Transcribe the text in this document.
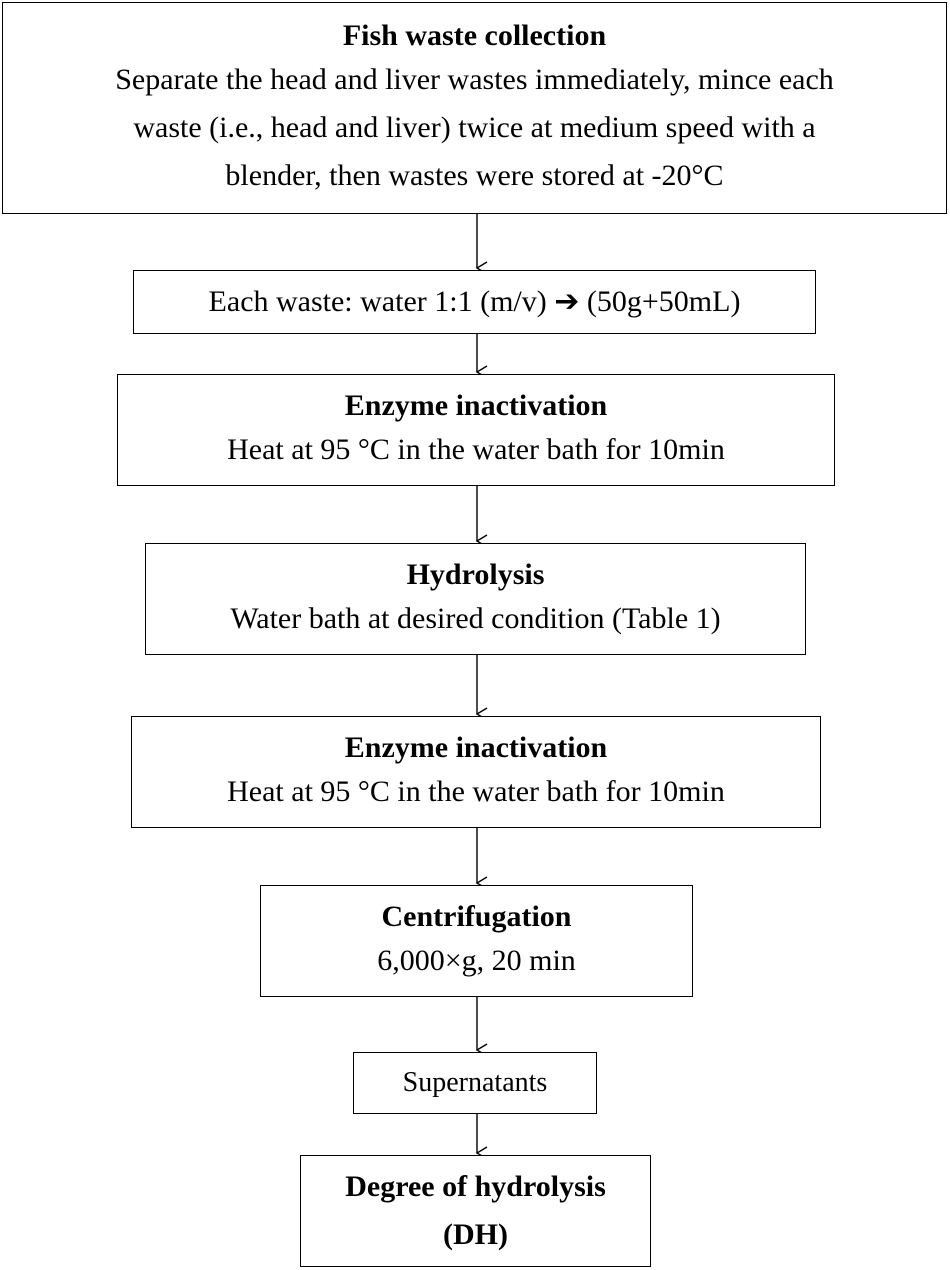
Fish waste collection
Separate the head and liver wastes immediately, mince each
waste (i.e., head and liver) twice at medium speed with a
blender, then wastes were stored at -20°C
Each waste: water 1:1 (m/v) ➔ (50g+50mL)
Enzyme inactivation
Heat at 95 °C in the water bath for 10min
Hydrolysis
Water bath at desired condition (Table 1)
Enzyme inactivation
Heat at 95 °C in the water bath for 10min
Centrifugation
6,000×g, 20 min
Supernatants
Degree of hydrolysis
(DH)
